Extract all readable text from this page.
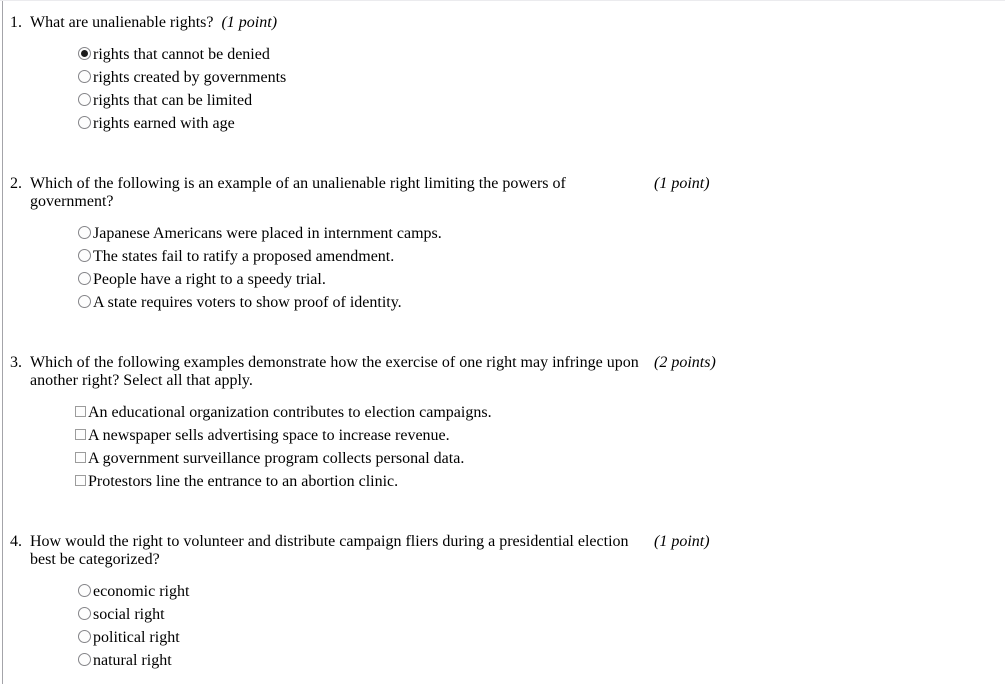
1. What are unalienable rights? (1 point)
rights that cannot be denied
rights created by governments
rights that can be limited
rights earned with age
2. Which of the following is an example of an unalienable right limiting the powers of government?
(1 point)
Japanese Americans were placed in internment camps.
The states fail to ratify a proposed amendment.
People have a right to a speedy trial.
A state requires voters to show proof of identity.
3. Which of the following examples demonstrate how the exercise of one right may infringe upon another right? Select all that apply.
(2 points)
An educational organization contributes to election campaigns.
A newspaper sells advertising space to increase revenue.
A government surveillance program collects personal data.
Protestors line the entrance to an abortion clinic.
4. How would the right to volunteer and distribute campaign fliers during a presidential election best be categorized?
(1 point)
economic right
social right
political right
natural right
